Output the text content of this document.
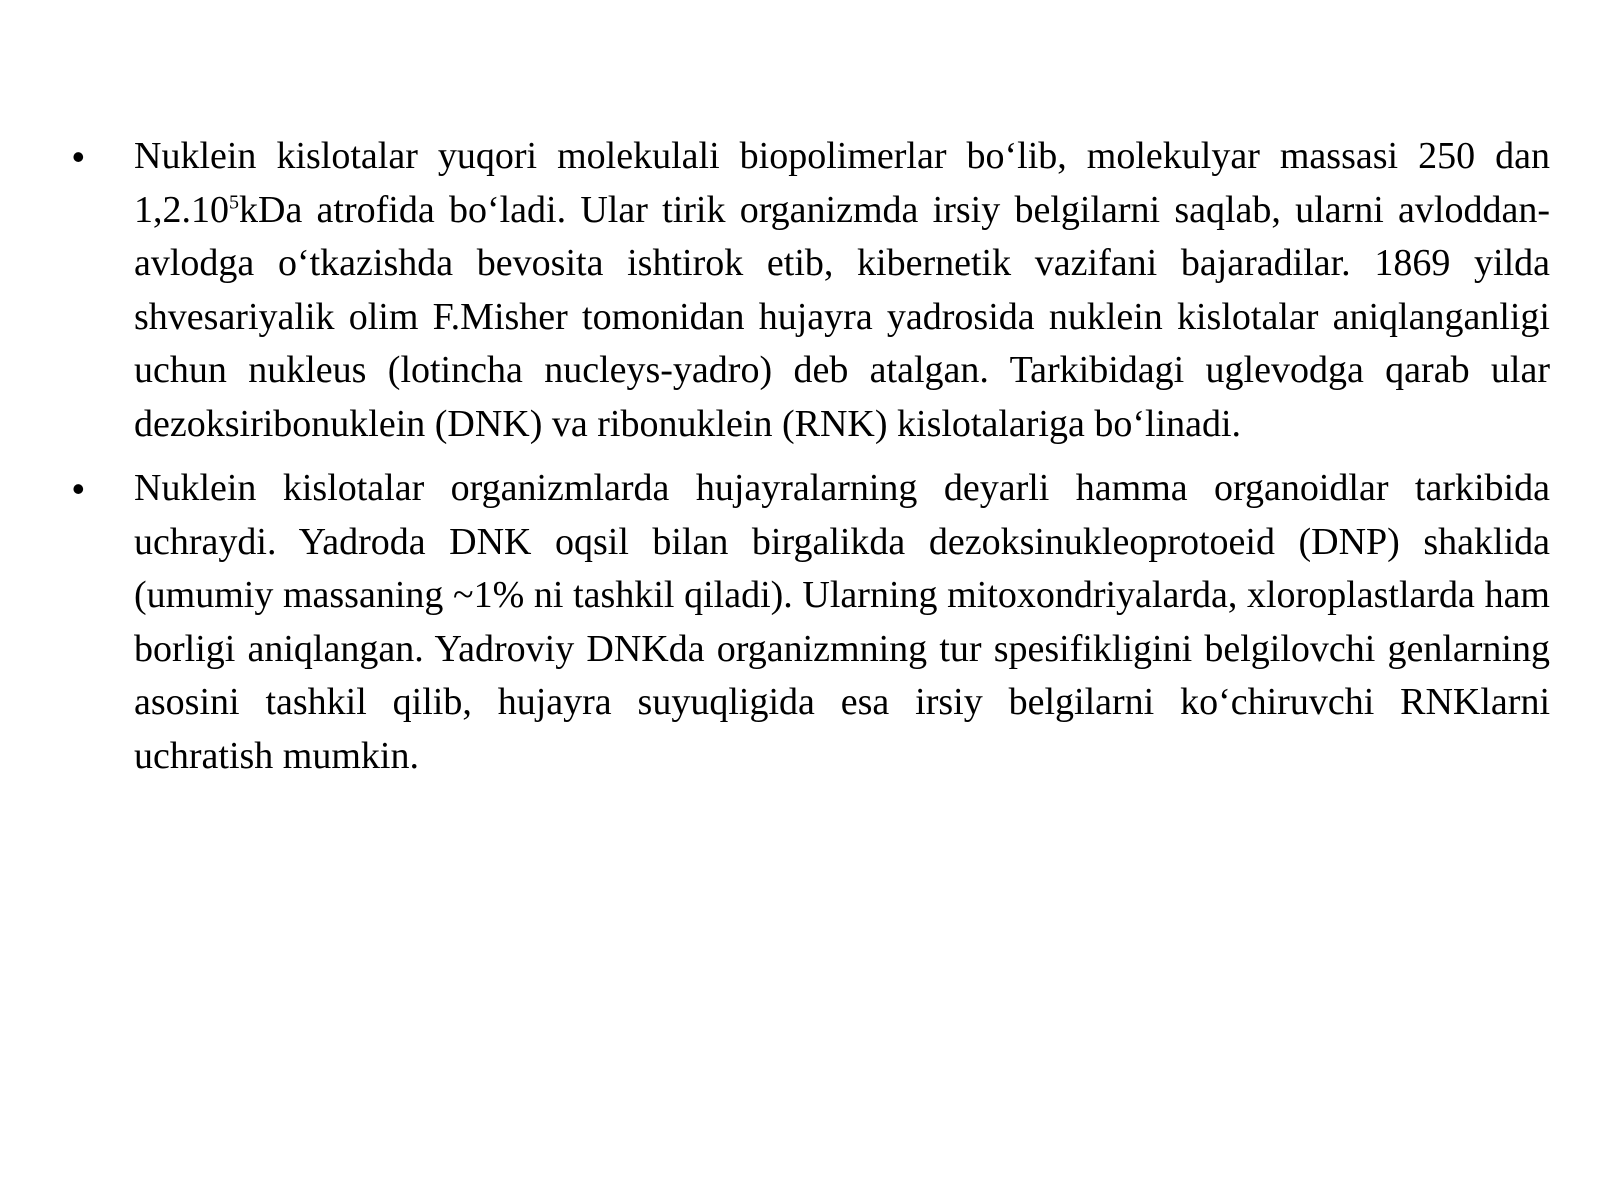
• Nuklein kislotalar yuqori molekulali biopolimerlar bo‘lib, molekulyar massasi 250 dan 1,2.10$^5$kDa atrofida bo‘ladi. Ular tirik organizmda irsiy belgilarni saqlab, ularni avloddan-avlodga o‘tkazishda bevosita ishtirok etib, kibernetik vazifani bajaradilar. 1869 yilda shvesariyalik olim F.Misher tomonidan hujayra yadrosida nuklein kislotalar aniqlanganligi uchun nukleus (lotincha nucleys-yadro) deb atalgan. Tarkibidagi uglevodga qarab ular dezoksiribonuklein (DNK) va ribonuklein (RNK) kislotalariga bo‘linadi.
• Nuklein kislotalar organizmlarda hujayralarning deyarli hamma organoidlar tarkibida uchraydi. Yadroda DNK oqsil bilan birgalikda dezoksinukleoprotoeid (DNP) shaklida (umumiy massaning ~1% ni tashkil qiladi). Ularning mitoxondriyalarda, xloroplastlarda ham borligi aniqlangan. Yadroviy DNKda organizmning tur spesifikligini belgilovchi genlarning asosini tashkil qilib, hujayra suyuqligida esa irsiy belgilarni ko‘chiruvchi RNKlarni uchratish mumkin.
